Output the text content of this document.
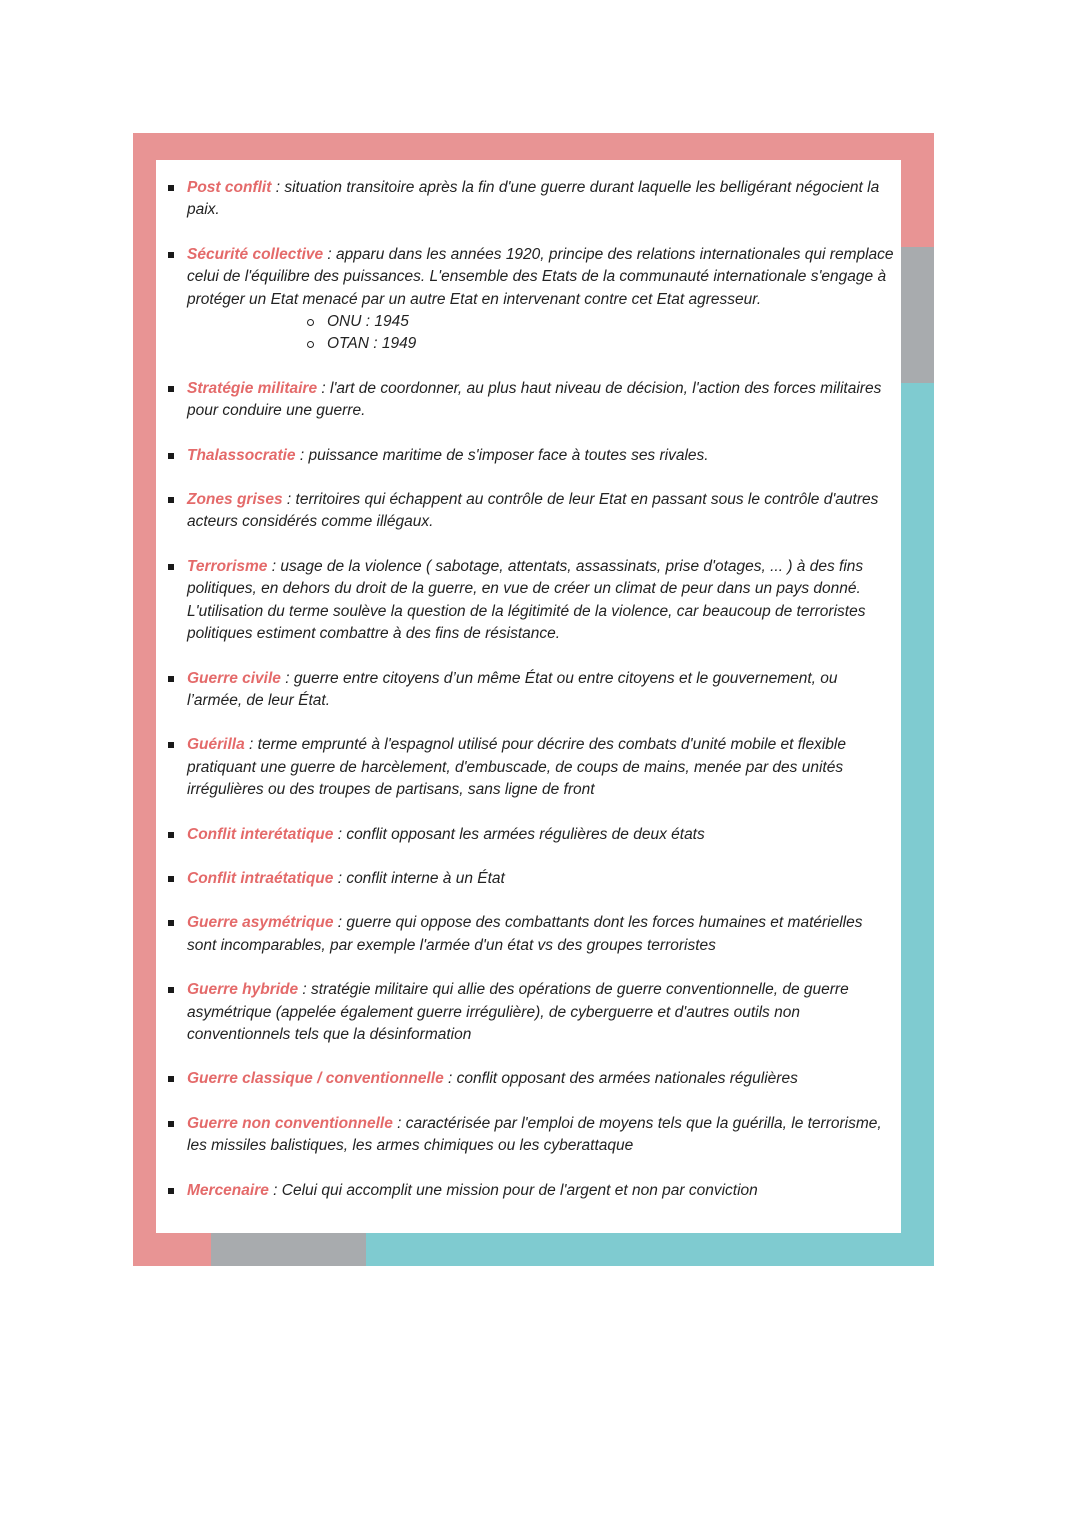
Post conflit : situation transitoire après la fin d'une guerre durant laquelle les belligérant négocient la paix.

Sécurité collective : apparu dans les années 1920, principe des relations internationales qui remplace celui de l'équilibre des puissances. L'ensemble des Etats de la communauté internationale s'engage à protéger un Etat menacé par un autre Etat en intervenant contre cet Etat agresseur.

ONU : 1945
OTAN : 1949

Stratégie militaire : l'art de coordonner, au plus haut niveau de décision, l'action des forces militaires pour conduire une guerre.

Thalassocratie : puissance maritime de s'imposer face à toutes ses rivales.

Zones grises : territoires qui échappent au contrôle de leur Etat en passant sous le contrôle d'autres acteurs considérés comme illégaux.

Terrorisme : usage de la violence ( sabotage, attentats, assassinats, prise d'otages, ... ) à des fins politiques, en dehors du droit de la guerre, en vue de créer un climat de peur dans un pays donné. L'utilisation du terme soulève la question de la légitimité de la violence, car beaucoup de terroristes politiques estiment combattre à des fins de résistance.

Guerre civile : guerre entre citoyens d’un même État ou entre citoyens et le gouvernement, ou l’armée, de leur État.

Guérilla : terme emprunté à l'espagnol utilisé pour décrire des combats d'unité mobile et flexible pratiquant une guerre de harcèlement, d'embuscade, de coups de mains, menée par des unités irrégulières ou des troupes de partisans, sans ligne de front

Conflit interétatique : conflit opposant les armées régulières de deux états

Conflit intraétatique : conflit interne à un État

Guerre asymétrique : guerre qui oppose des combattants dont les forces humaines et matérielles sont incomparables, par exemple l'armée d'un état vs des groupes terroristes

Guerre hybride : stratégie militaire qui allie des opérations de guerre conventionnelle, de guerre asymétrique (appelée également guerre irrégulière), de cyberguerre et d'autres outils non conventionnels tels que la désinformation

Guerre classique / conventionnelle : conflit opposant des armées nationales régulières

Guerre non conventionnelle : caractérisée par l'emploi de moyens tels que la guérilla, le terrorisme, les missiles balistiques, les armes chimiques ou les cyberattaque

Mercenaire : Celui qui accomplit une mission pour de l'argent et non par conviction
